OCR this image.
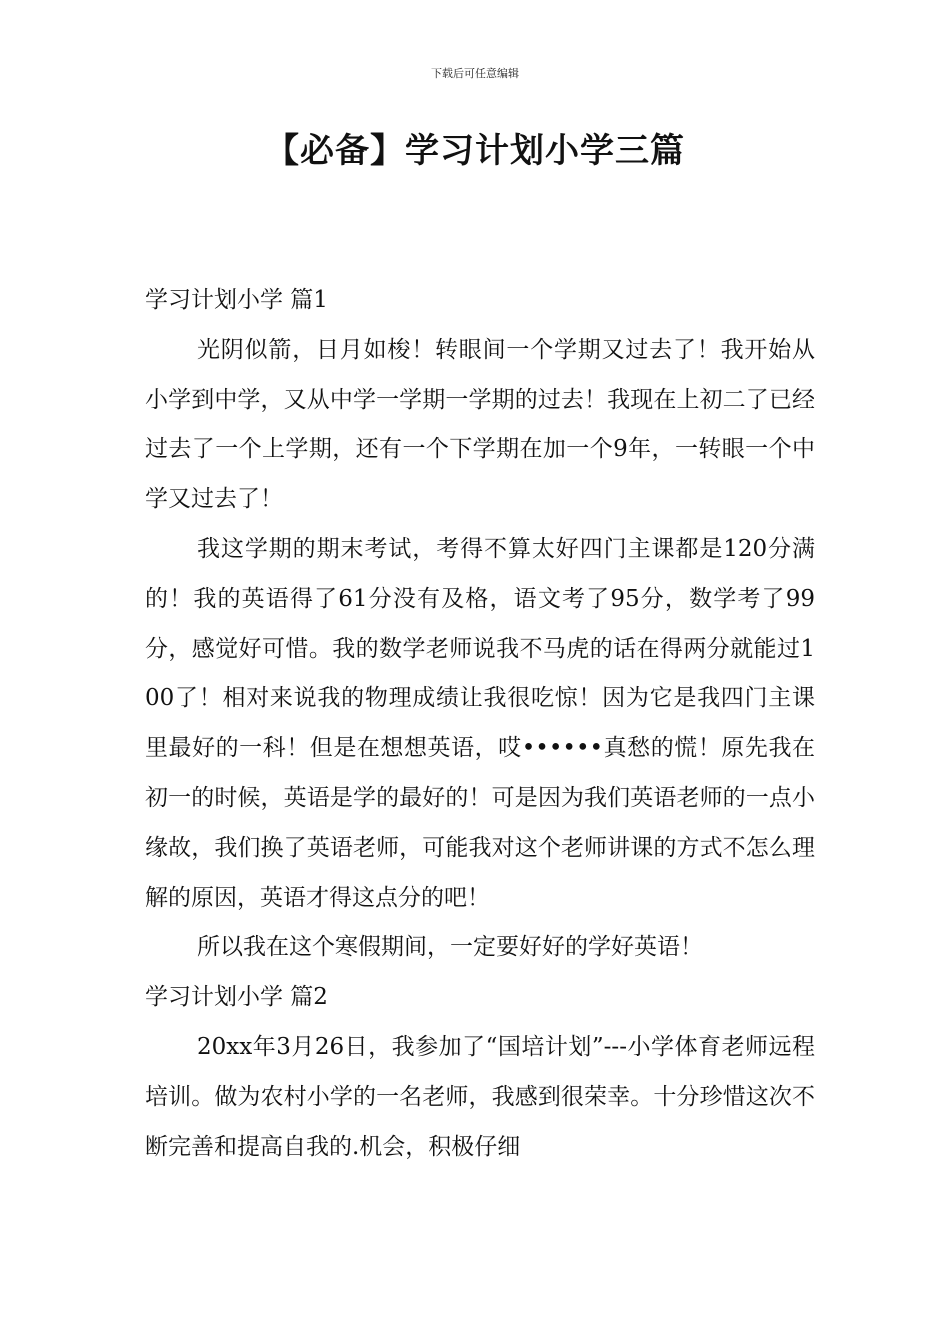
下载后可任意编辑
【必备】学习计划小学三篇

学习计划小学 篇1

光阴似箭，日月如梭！转眼间一个学期又过去了！我开始从小学到中学，又从中学一学期一学期的过去！我现在上初二了已经过去了一个上学期，还有一个下学期在加一个9年，一转眼一个中学又过去了！

我这学期的期末考试，考得不算太好四门主课都是120分满的！我的英语得了61分没有及格，语文考了95分，数学考了99分，感觉好可惜。我的数学老师说我不马虎的话在得两分就能过100了！相对来说我的物理成绩让我很吃惊！因为它是我四门主课里最好的一科！但是在想想英语，哎••••••真愁的慌！原先我在初一的时候，英语是学的最好的！可是因为我们英语老师的一点小缘故，我们换了英语老师，可能我对这个老师讲课的方式不怎么理解的原因，英语才得这点分的吧！

所以我在这个寒假期间，一定要好好的学好英语！

学习计划小学 篇2

20xx年3月26日，我参加了“国培计划”---小学体育老师远程培训。做为农村小学的一名老师，我感到很荣幸。十分珍惜这次不断完善和提高自我的.机会，积极仔细
